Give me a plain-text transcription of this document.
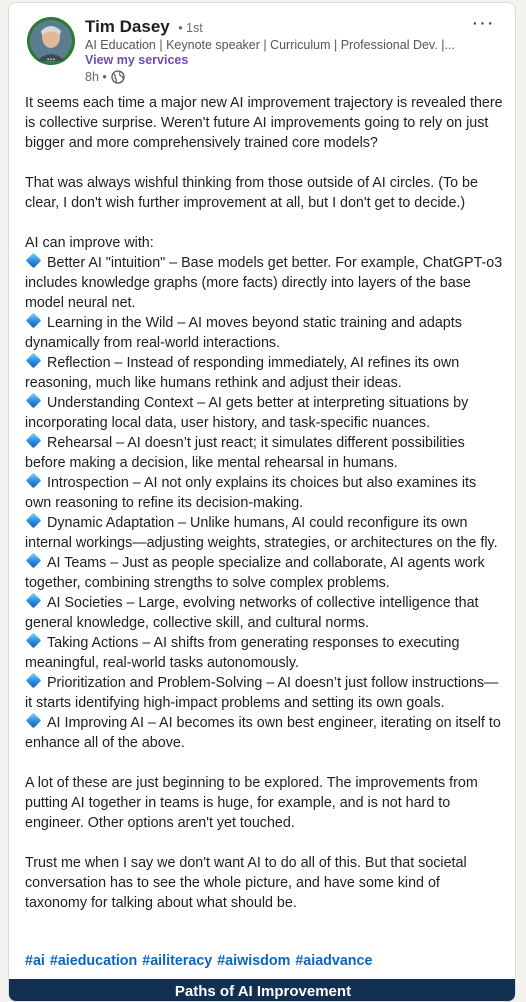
•••
Tim Dasey • 1st
AI Education | Keynote speaker | Curriculum | Professional Dev. |...
View my services
8h •
···

It seems each time a major new AI improvement trajectory is revealed there is collective surprise. Weren't future AI improvements going to rely on just bigger and more comprehensively trained core models?

That was always wishful thinking from those outside of AI circles. (To be clear, I don't wish further improvement at all, but I don't get to decide.)

AI can improve with:

Better AI "intuition" – Base models get better. For example, ChatGPT-o3 includes knowledge graphs (more facts) directly into layers of the base model neural net.

Learning in the Wild – AI moves beyond static training and adapts dynamically from real-world interactions.

Reflection – Instead of responding immediately, AI refines its own reasoning, much like humans rethink and adjust their ideas.

Understanding Context – AI gets better at interpreting situations by incorporating local data, user history, and task-specific nuances.

Rehearsal – AI doesn’t just react; it simulates different possibilities before making a decision, like mental rehearsal in humans.

Introspection – AI not only explains its choices but also examines its own reasoning to refine its decision-making.

Dynamic Adaptation – Unlike humans, AI could reconfigure its own internal workings—adjusting weights, strategies, or architectures on the fly.

AI Teams – Just as people specialize and collaborate, AI agents work together, combining strengths to solve complex problems.

AI Societies – Large, evolving networks of collective intelligence that general knowledge, collective skill, and cultural norms.

Taking Actions – AI shifts from generating responses to executing meaningful, real-world tasks autonomously.

Prioritization and Problem-Solving – AI doesn’t just follow instructions—it starts identifying high-impact problems and setting its own goals.

AI Improving AI – AI becomes its own best engineer, iterating on itself to enhance all of the above.

A lot of these are just beginning to be explored. The improvements from putting AI together in teams is huge, for example, and is not hard to engineer. Other options aren't yet touched.

Trust me when I say we don't want AI to do all of this. But that societal conversation has to see the whole picture, and have some kind of taxonomy for talking about what should be.

#ai #aieducation #ailiteracy #aiwisdom #aiadvance
Paths of AI Improvement
